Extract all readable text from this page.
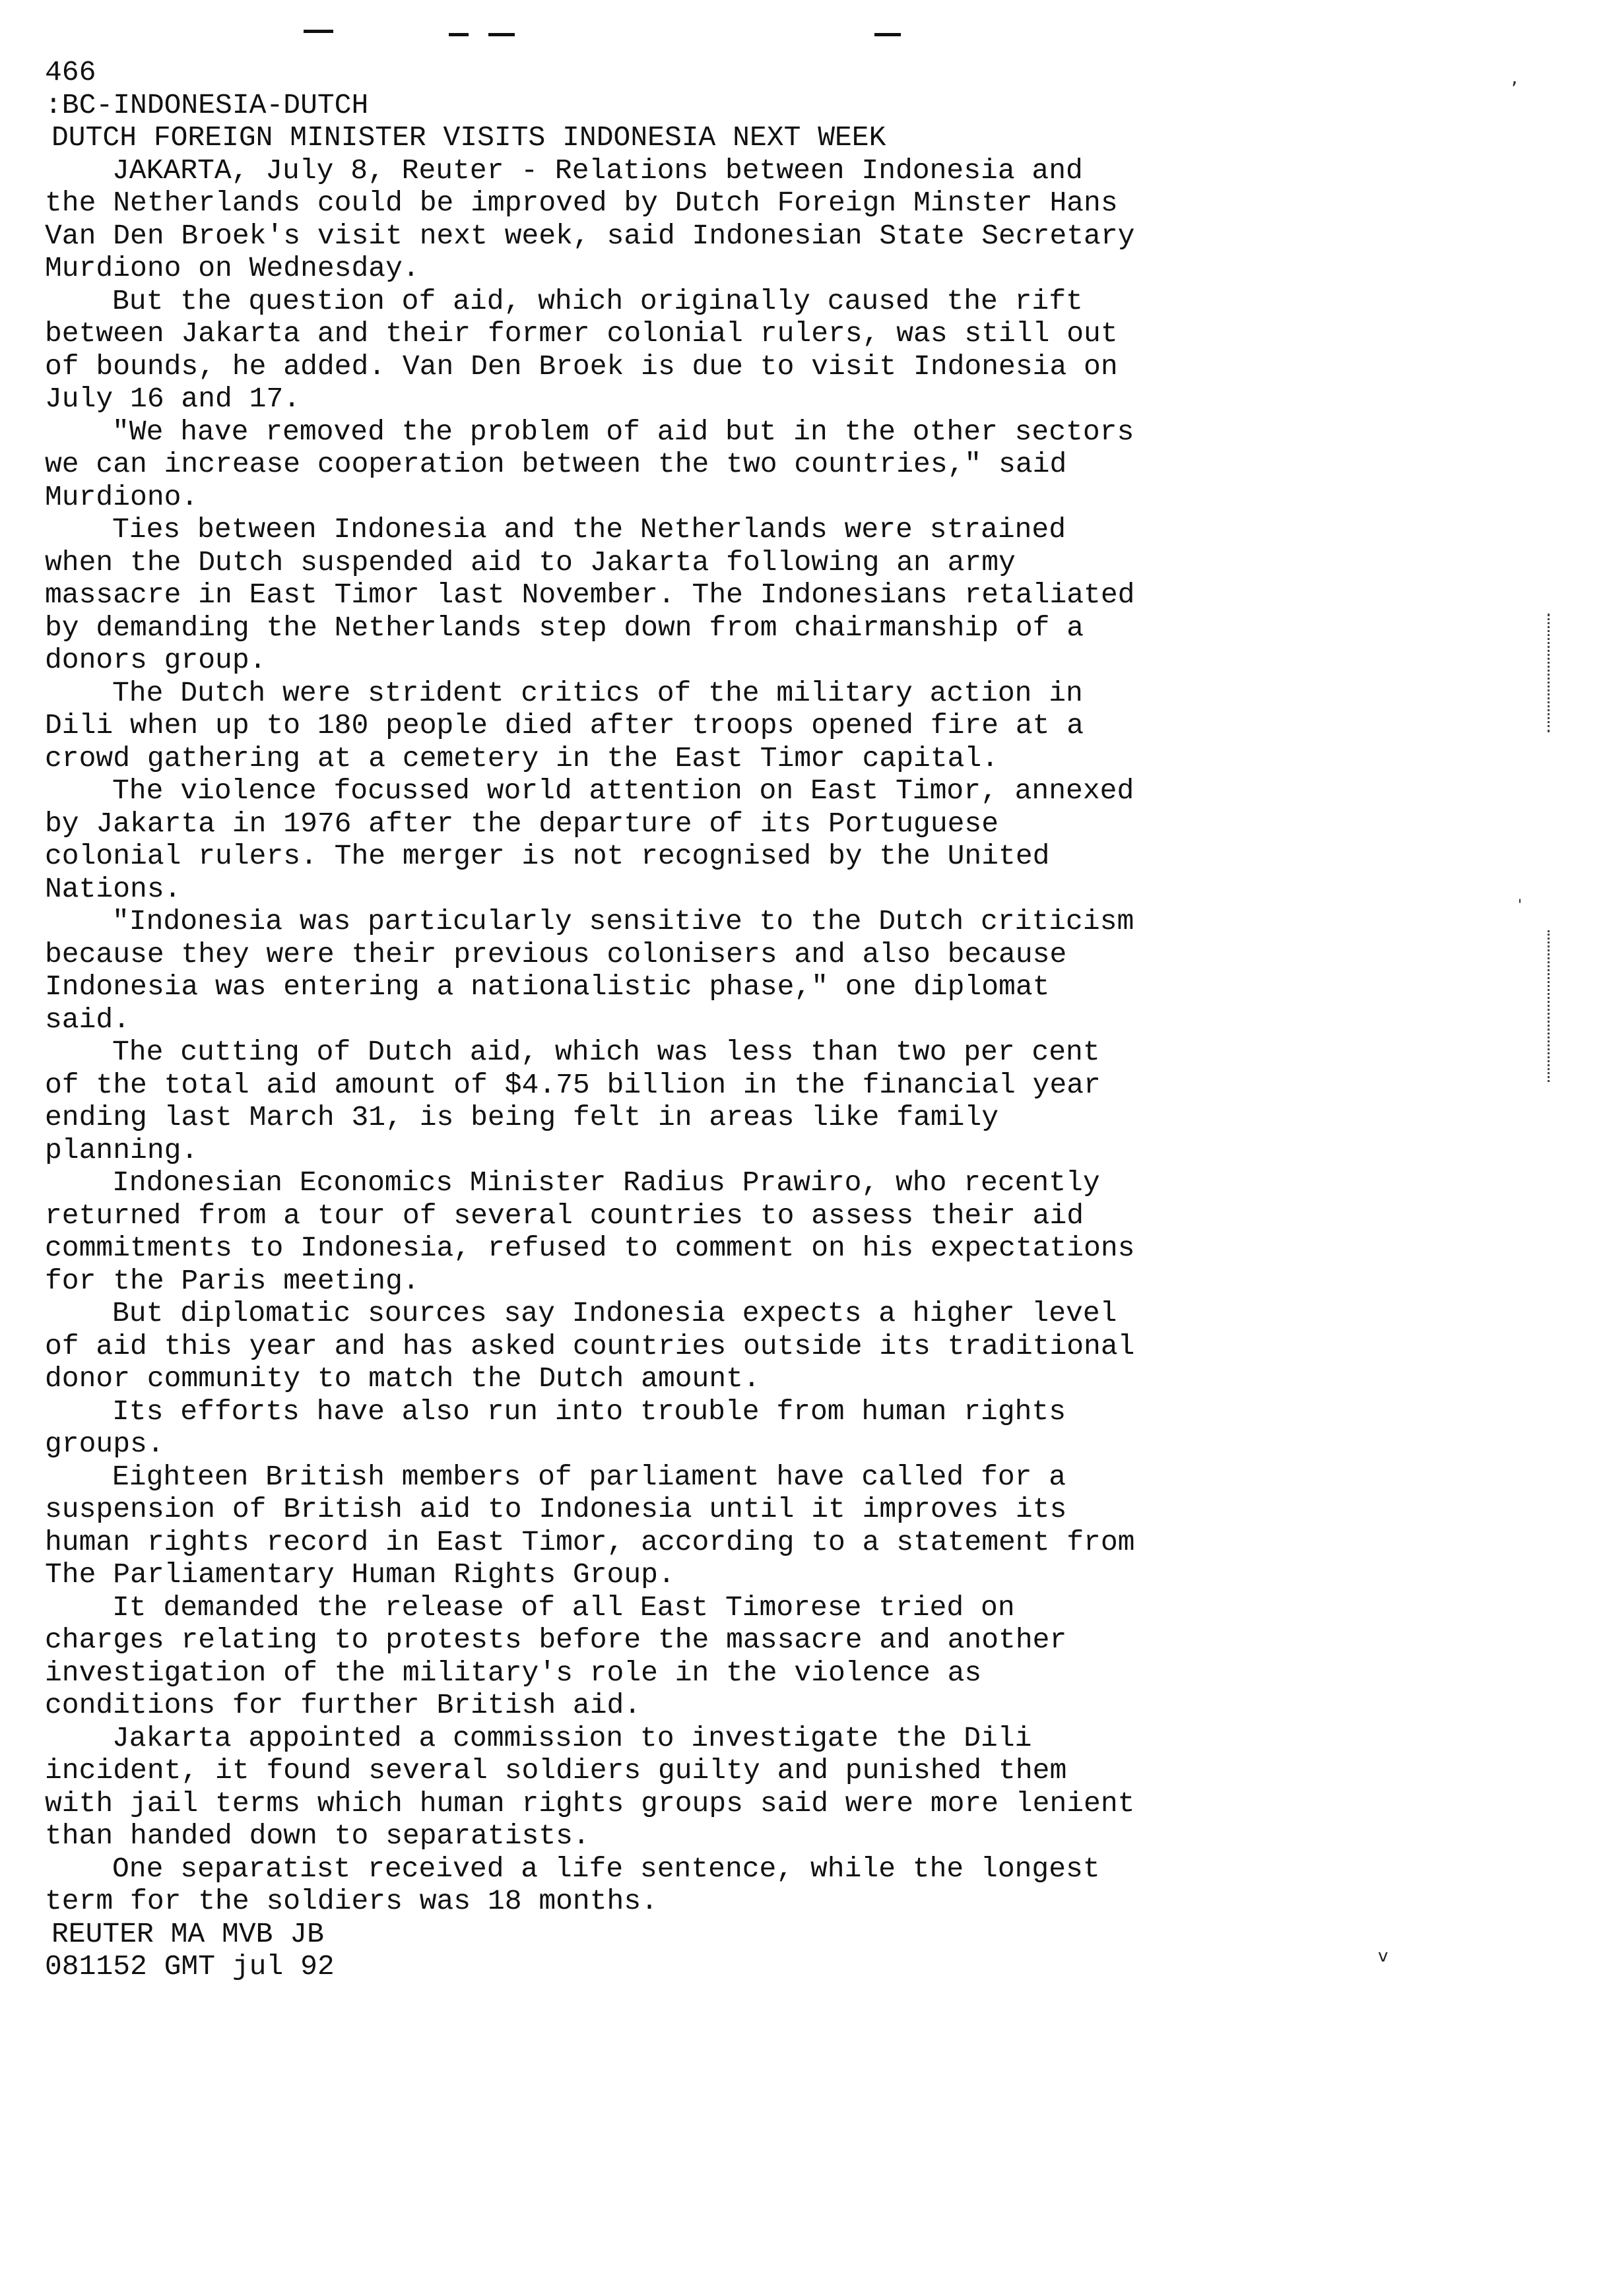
,
'
v
466
:BC-INDONESIA-DUTCH
DUTCH FOREIGN MINISTER VISITS INDONESIA NEXT WEEK
JAKARTA, July 8, Reuter - Relations between Indonesia and
the Netherlands could be improved by Dutch Foreign Minster Hans
Van Den Broek's visit next week, said Indonesian State Secretary
Murdiono on Wednesday.
But the question of aid, which originally caused the rift
between Jakarta and their former colonial rulers, was still out
of bounds, he added. Van Den Broek is due to visit Indonesia on
July 16 and 17.
"We have removed the problem of aid but in the other sectors
we can increase cooperation between the two countries," said
Murdiono.
Ties between Indonesia and the Netherlands were strained
when the Dutch suspended aid to Jakarta following an army
massacre in East Timor last November. The Indonesians retaliated
by demanding the Netherlands step down from chairmanship of a
donors group.
The Dutch were strident critics of the military action in
Dili when up to 180 people died after troops opened fire at a
crowd gathering at a cemetery in the East Timor capital.
The violence focussed world attention on East Timor, annexed
by Jakarta in 1976 after the departure of its Portuguese
colonial rulers. The merger is not recognised by the United
Nations.
"Indonesia was particularly sensitive to the Dutch criticism
because they were their previous colonisers and also because
Indonesia was entering a nationalistic phase," one diplomat
said.
The cutting of Dutch aid, which was less than two per cent
of the total aid amount of $4.75 billion in the financial year
ending last March 31, is being felt in areas like family
planning.
Indonesian Economics Minister Radius Prawiro, who recently
returned from a tour of several countries to assess their aid
commitments to Indonesia, refused to comment on his expectations
for the Paris meeting.
But diplomatic sources say Indonesia expects a higher level
of aid this year and has asked countries outside its traditional
donor community to match the Dutch amount.
Its efforts have also run into trouble from human rights
groups.
Eighteen British members of parliament have called for a
suspension of British aid to Indonesia until it improves its
human rights record in East Timor, according to a statement from
The Parliamentary Human Rights Group.
It demanded the release of all East Timorese tried on
charges relating to protests before the massacre and another
investigation of the military's role in the violence as
conditions for further British aid.
Jakarta appointed a commission to investigate the Dili
incident, it found several soldiers guilty and punished them
with jail terms which human rights groups said were more lenient
than handed down to separatists.
One separatist received a life sentence, while the longest
term for the soldiers was 18 months.
REUTER MA MVB JB
081152 GMT jul 92
